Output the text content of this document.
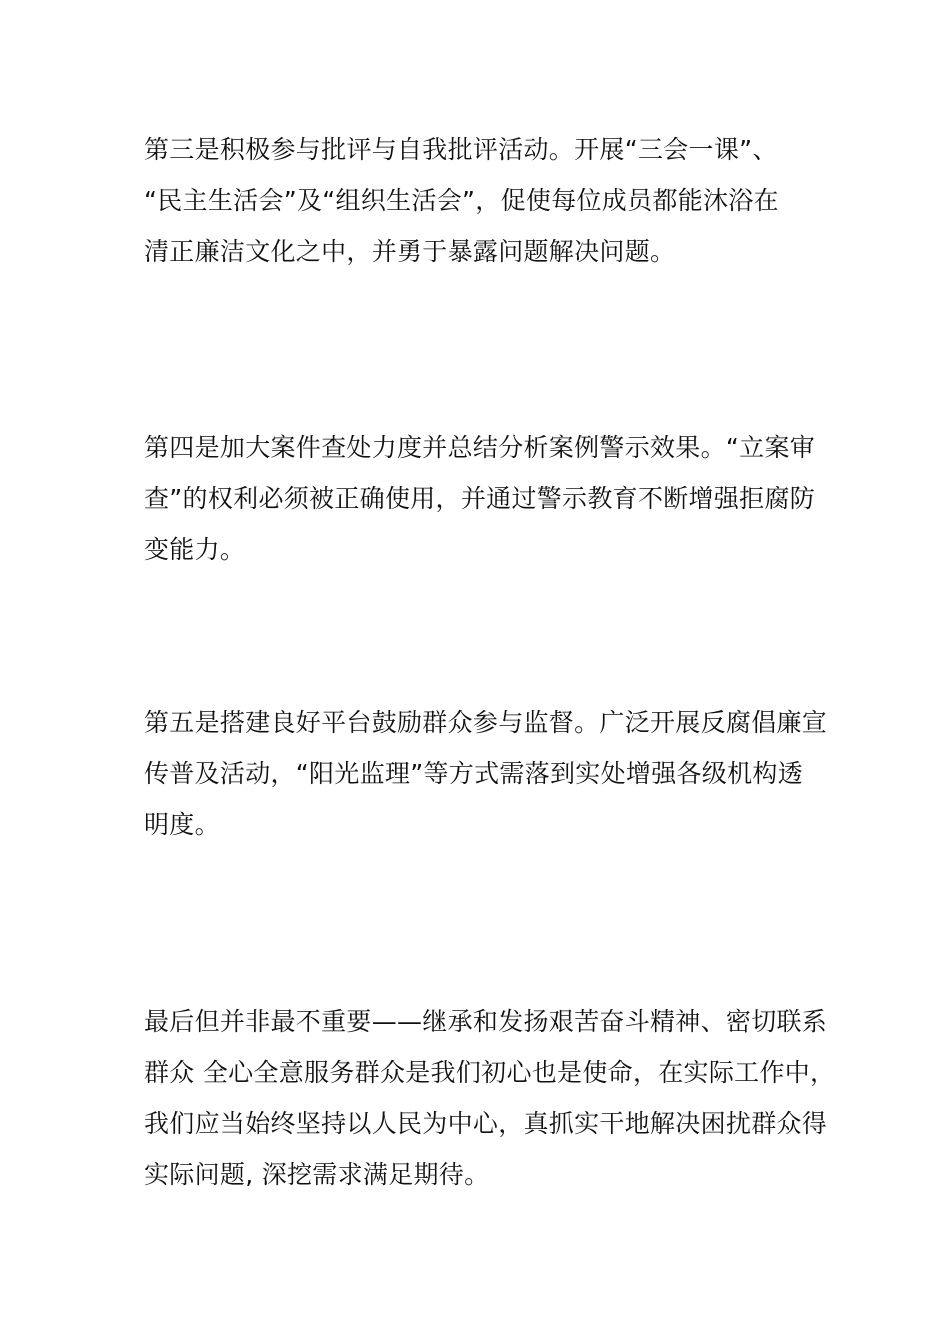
第三是积极参与批评与自我批评活动。开展“三会一课”、
“民主生活会”及“组织生活会”，促使每位成员都能沐浴在
清正廉洁文化之中，并勇于暴露问题解决问题。

第四是加大案件查处力度并总结分析案例警示效果。“立案审
查”的权利必须被正确使用，并通过警示教育不断增强拒腐防
变能力。

第五是搭建良好平台鼓励群众参与监督。广泛开展反腐倡廉宣
传普及活动，“阳光监理”等方式需落到实处增强各级机构透
明度。

最后但并非最不重要——继承和发扬艰苦奋斗精神、密切联系
群众 全心全意服务群众是我们初心也是使命，在实际工作中，
我们应当始终坚持以人民为中心，真抓实干地解决困扰群众得
实际问题, 深挖需求满足期待。
